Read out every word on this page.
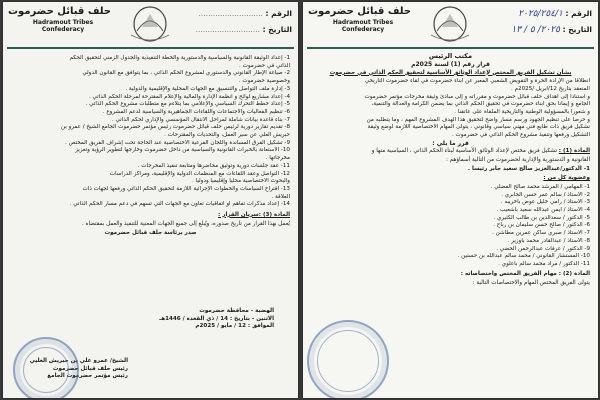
الرقم : ٢٠٢٥/٢٥٤/١
التاريخ : ٢٠٢٥/ ٥ / ١٣
حلف قبائل حضرموت
Hadramout Tribes
Confederacy
مكتب الرئيس
قرار رقم (1) لسنة 2025م
بشأن تشكيل الفريق المختص لإعداد الوثائق الأساسية لتحقيق الحكم الذاتي في حضرموت
انطلاقا من الإرادة الحرة و التفويض الشعبي المعبر عن أبناء حضرموت في لقاء حضرموت التاريخي
المنعقد بتاريخ 12/ابريل /2025م .
و استنادا إلى أهداف حلف قبائل حضرموت و مقرراته و إلى مبادئ وثيقة مخرجات مؤتمر حضرموت
الجامع و إيمانا بحق أبناء حضرموت في تحقيق الحكم الذاتي بما يضمن الكرامة والعدالة والتنمية،
و شعورا بالمسؤولية الوطنية والتاريخية الملقاة على عاتقنا .
و حرصا على تنظيم الجهود ورسم مسار واضح لتحقيق هذا الهدف المشروع المهم ، وما يتطلبه من
تشكيل فريق ذات طابع فني مهني سياسي وقانوني ، يتولى المهام الاختصاصية اللازمة لوضع وثيقة
التشكيل ورفعها وتنفيذ مشروع الحكم الذاتي في حضرموت .
قرر ما يلي :

المادة (1) : تشكيل فريق مختص لإعداد الوثائق الأساسية لبناء الحكم الذاتي ، السياسية منها و

القانونية و الدستورية والإدارية لحضرموت من التالية أسماؤهم :

1- الدكتور/عبدالعزيز صالح سعيد جابر رئيسا .

وعضوية كل من :

1- المهامي / المرشد محمد صالح الفضلي .
2- الأستاذ / سالم عمر حسن الجابري .
3- الأستاذ / رامي خليل عوض باخريبه .
4- الأستاذ / أيمن عبدالله سعيد باشعيب .
5- الدكتور / سعدالدين بن طالب الكثيري .
6- الدكتور / صالح حسن سليمان بن رباح .
7- الأستاذ / صبري ساكن عمرين مطاشن .
8- الأستاذ / عبدالقادر محمد باوزير .
9- الدكتور / عرفات عبدالرحمن الحضي .
10- المستشار القانوني / محمد سالم عبدالله بن حسنين .
11- الدكتور / مراد محمد سالم باعلوي .

المادة (2) : مهام الفريق المختص واختصاصاته :

يتولى الفريق المختص المهام والاختصاصات التالية :

الرقم : ...........................
التاريخ : ...........................
حلف قبائل حضرموت
Hadramout Tribes
Confederacy
1- إعداد الوثيقة القانونية والسياسية والدستورية والخطة التنفيذية والجدول الزمني لتحقيق الحكم
الذاتي في حضرموت .
2- صياغة الإطار القانوني والدستوري لمشروع الحكم الذاتي ، بما يتوافق مع القانون الدولي
وخصوصية حضرموت .
3- إدارة ملف التواصل والتنسيق مع الجهات المحلية والإقليمية والدولية .
4- إعداد مشاريع لوائح و أنظمة الإدارة والمالية والإعلام المقترحة لمرحلة الحكم الذاتي .
5- إعداد خطط التحرك السياسي والإعلامي بما يتلاءم مع متطلبات مشروع الحكم الذاتي .
6- تنظيم الفعاليات والاجتماعات واللقاءات الجماهيرية والسياسية لدعم المشروع .
7- بناء قاعدة بيانات شاملة لمراحل الانتقال المؤسسي والإداري لحكم الذاتي .
8- تقديم تقارير دورية لرئيس حلف قبائل حضرموت رئيس مؤتمر حضرموت الجامع الشيخ / عمرو بن
حبريش العلي عن سير العمل، والتحديات والمقترحات .
9- تشكيل الفرق المساندة واللجان الفرعية الاختصاصية عند الحاجة تحت إشراف الفريق المختص .
10- الاستعانة بالخبرات القانونية والسياسية من داخل حضرموت وخارجها لتطوير الرؤية وتعزيز
مخرجاتها .
11- عقد جلسات دورية وتوثيق محاضرها ومتابعة تنفيذ المخرجات .
12- التواصل وعقد اللقاءات مع المنظمات الدولية والإقليمية، ومراكز الدراسات
والبحوث الاختصاصية محليا وإقليميا ودوليا .
13- اقتراح السياسات والخطوات الإجرائية اللازمة لتحقيق الحكم الذاتي ورفعها لجهات ذات
العلاقة .
14- إعداد مذكرات تفاهم أو اتفاقيات تعاون مع الجهات التي تسهم في دعم مسار الحكم الذاتي .

المادة (3) :سريان القرار :

يُعمل بهذا القرار من تاريخ صدوره، ويُبلغ إلى جميع الجهات المعنية للتنفيذ والعمل بمقتضاه .

صدر برئاسة حلف قبائل حضرموت
الهضبة - محافظة حضرموت
الاثنين - بتاريخ : 14 / ذي القعدة / 1446هـ
الموافق : 12 / مايو / 2025م
الشيخ/ عمرو علي بن حبريش العليي
رئيس حلف قبائل حضرموت
رئيس مؤتمر حضرموت الجامع
